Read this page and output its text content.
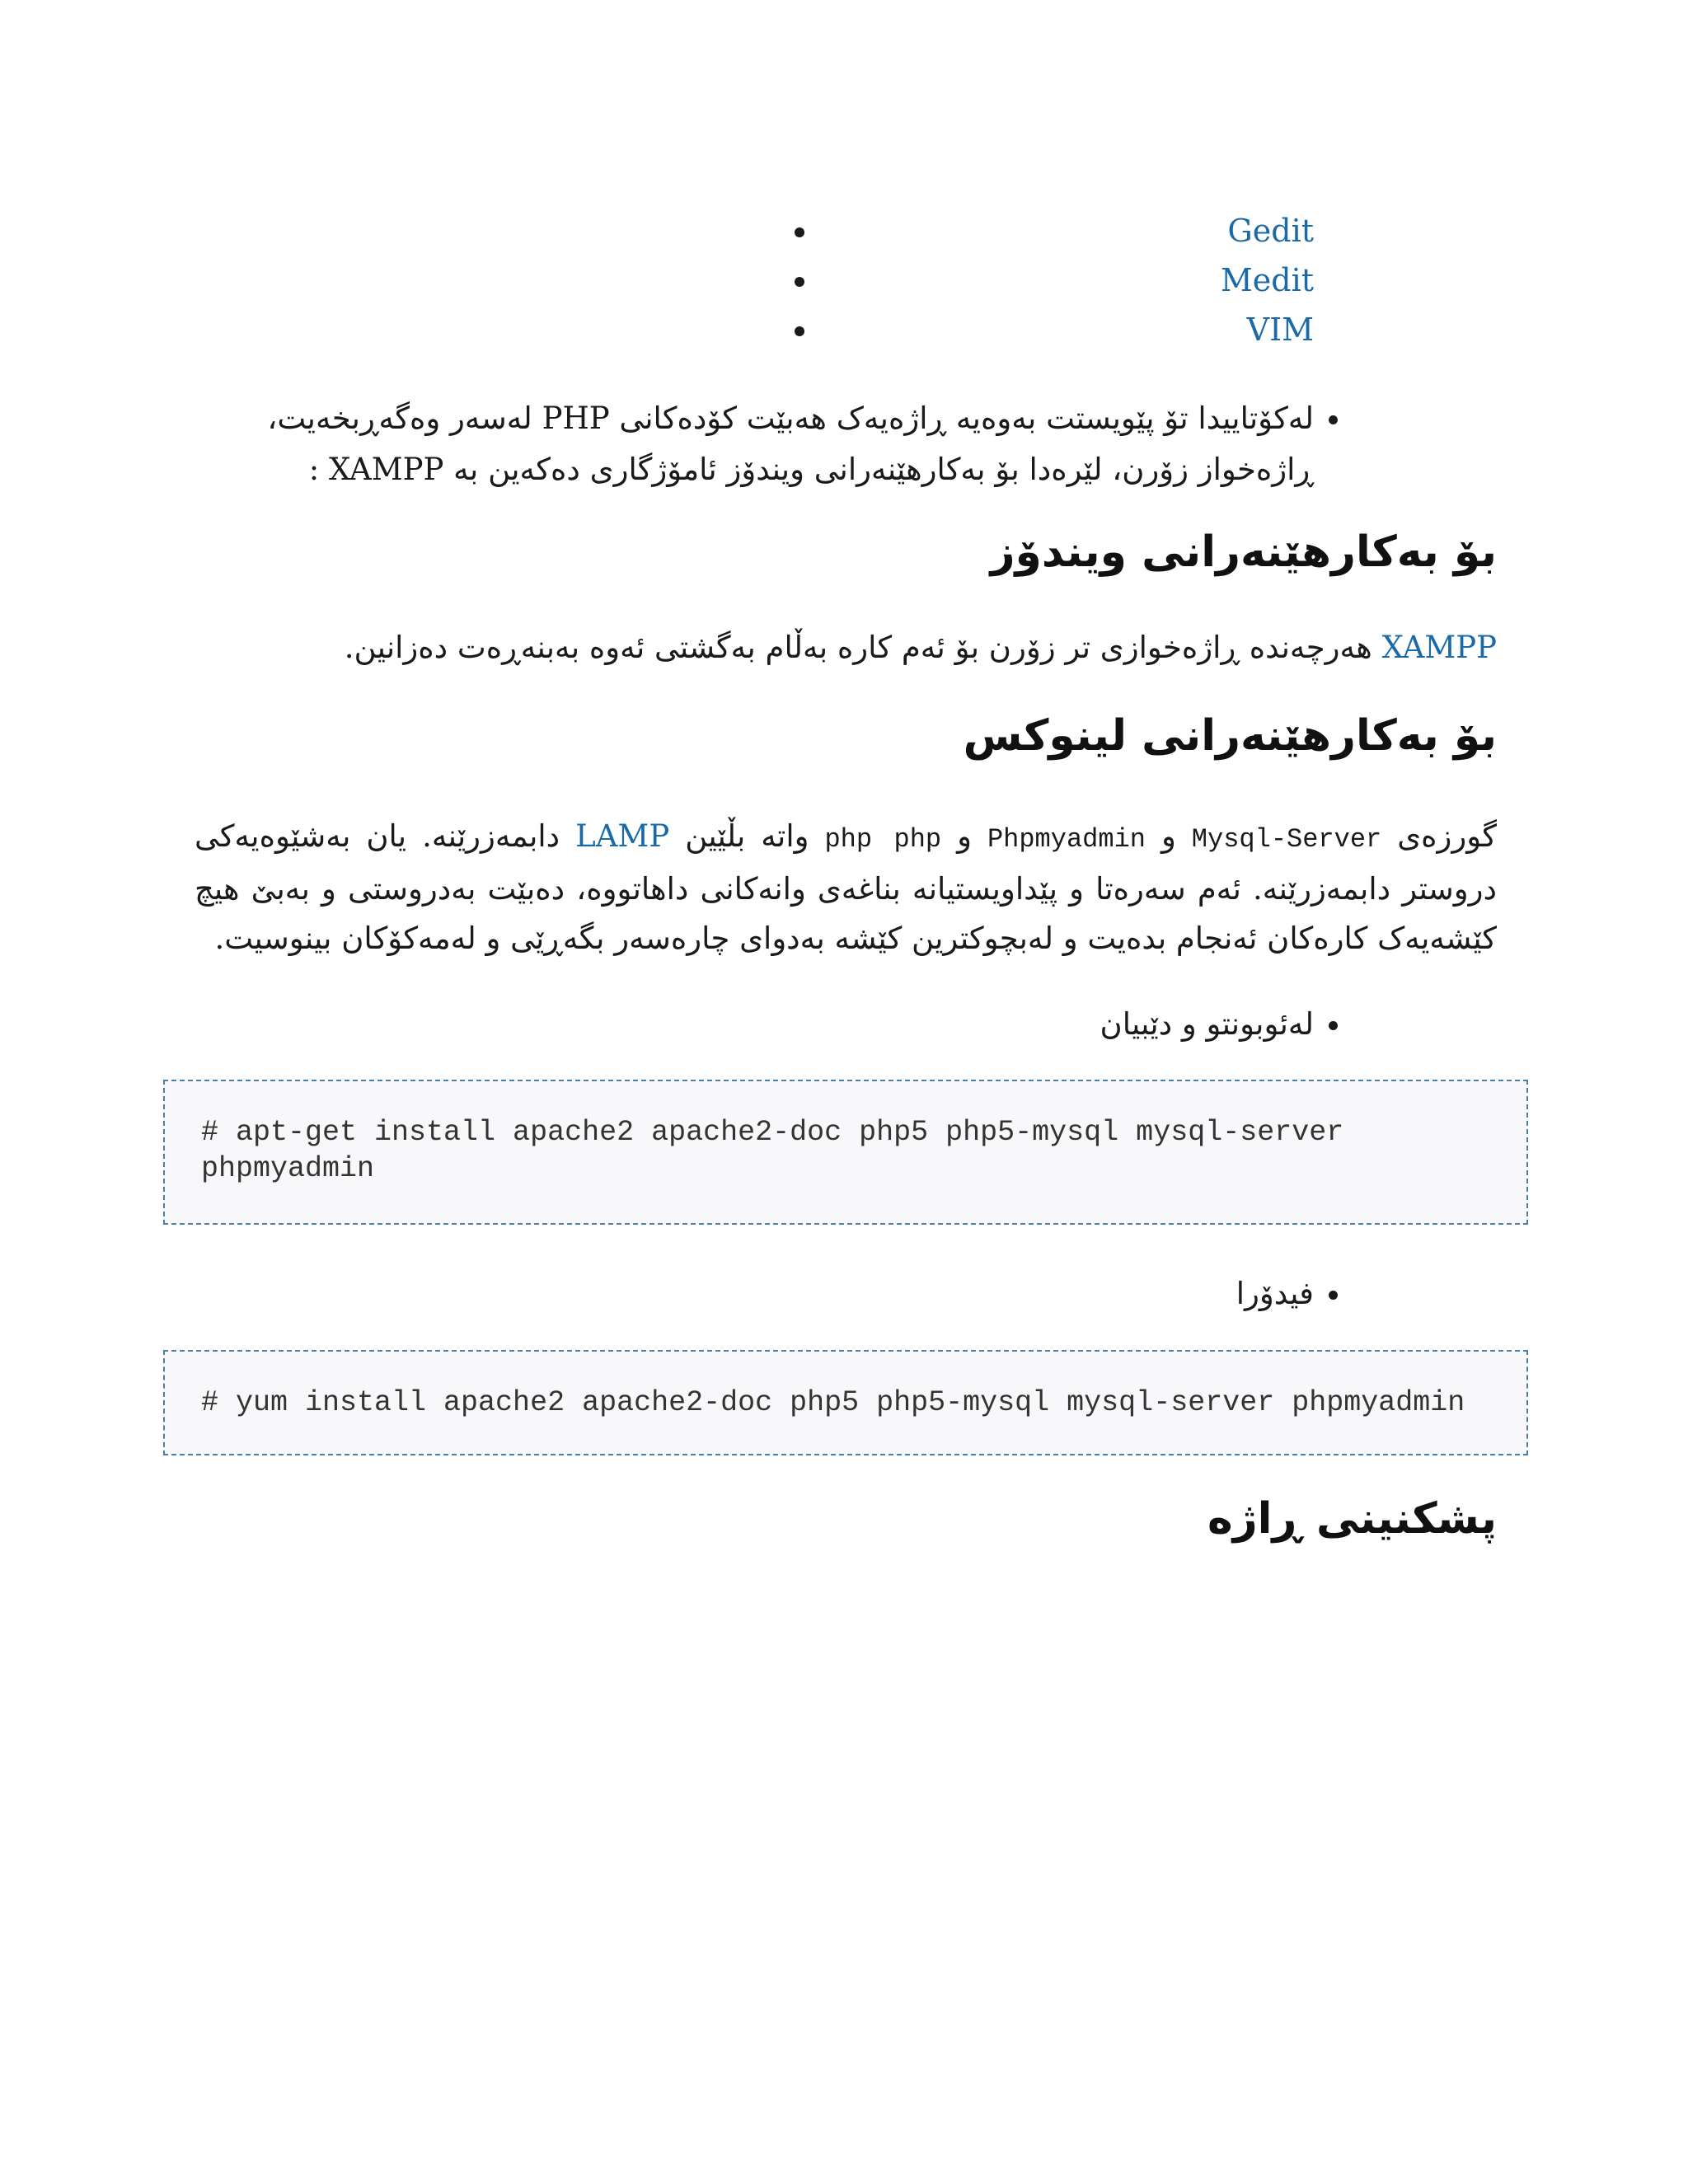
• Gedit
• Medit
• VIM
• لەکۆتاییدا تۆ پێویستت بەوەیە ڕاژەیەک هەبێت کۆدەکانی PHP لەسەر وەگەڕبخەیت، ڕاژەخواز زۆرن، لێرەدا بۆ بەکارهێنەرانی ویندۆز ئامۆژگاری دەکەین بە XAMPP :
بۆ بەکارهێنەرانی ویندۆز

XAMPP هەرچەندە ڕاژەخوازی تر زۆرن بۆ ئەم کارە بەڵام بەگشتی ئەوە بەبنەڕەت دەزانین.

بۆ بەکارهێنەرانی لینوکس

گورزەی Mysql-Server و Phpmyadmin و php php واتە بڵێین LAMP دابمەزرێنە. یان بەشێوەیەکی دروستر دابمەزرێنە. ئەم سەرەتا و پێداویستیانە بناغەی وانەکانی داهاتووە، دەبێت بەدروستی و بەبێ هیچ کێشەیەک کارەکان ئەنجام بدەیت و لەبچوکترین کێشە بەدوای چارەسەر بگەڕێی و لەمەکۆکان بینوسیت.

• لەئوبونتو و دێبیان
# apt-get install apache2 apache2-doc php5 php5-mysql mysql-server
phpmyadmin
• فیدۆرا
# yum install apache2 apache2-doc php5 php5-mysql mysql-server phpmyadmin
پشکنینی ڕاژە
